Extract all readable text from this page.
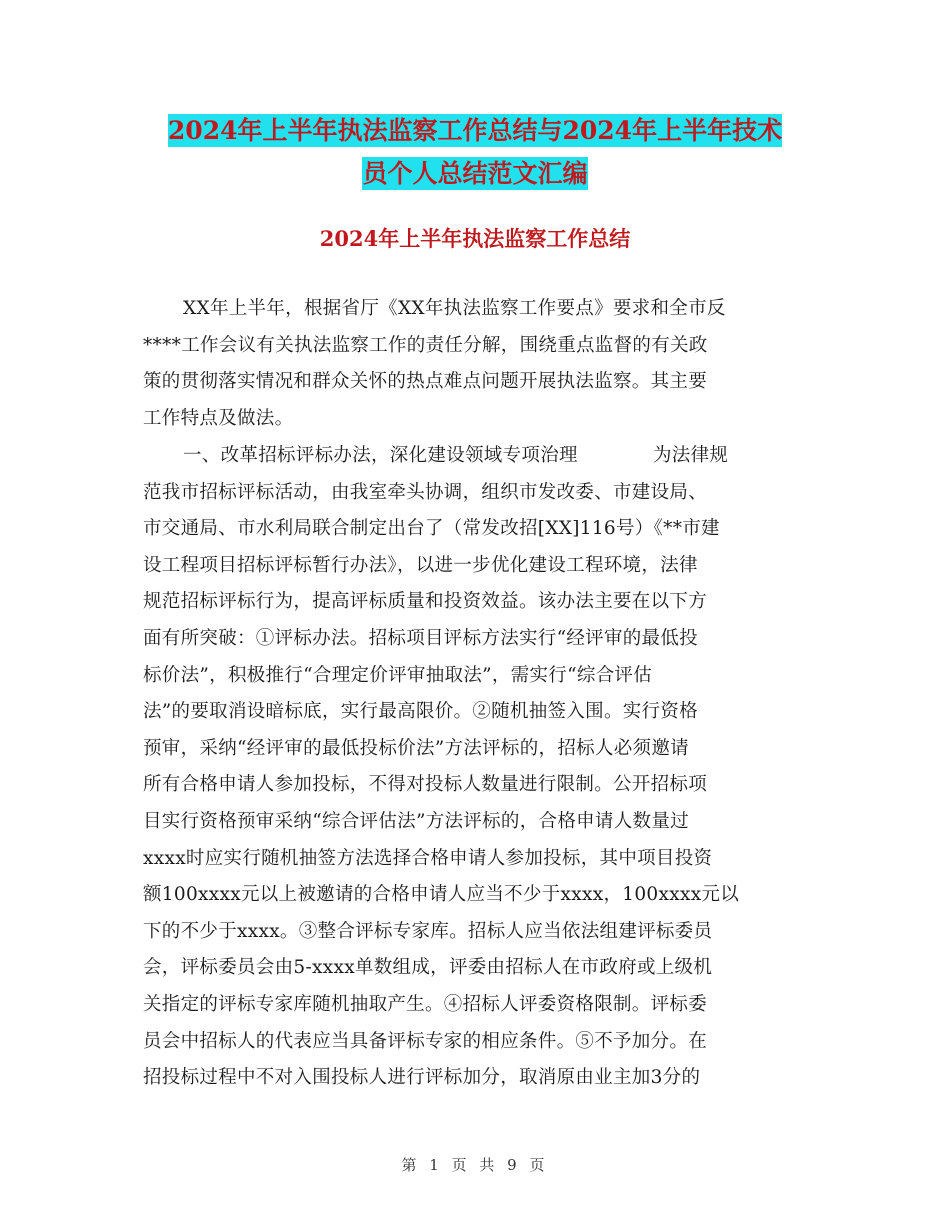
2024年上半年执法监察工作总结与2024年上半年技术
员个人总结范文汇编
2024年上半年执法监察工作总结
XX年上半年，根据省厅《XX年执法监察工作要点》要求和全市反
****工作会议有关执法监察工作的责任分解，围绕重点监督的有关政
策的贯彻落实情况和群众关怀的热点难点问题开展执法监察。其主要
工作特点及做法。
一、改革招标评标办法，深化建设领域专项治理　　　　为法律规
范我市招标评标活动，由我室牵头协调，组织市发改委、市建设局、
市交通局、市水利局联合制定出台了（常发改招[XX]116号）《**市建
设工程项目招标评标暂行办法》，以进一步优化建设工程环境，法律
规范招标评标行为，提高评标质量和投资效益。该办法主要在以下方
面有所突破：①评标办法。招标项目评标方法实行“经评审的最低投
标价法”，积极推行“合理定价评审抽取法”，需实行“综合评估
法”的要取消设暗标底，实行最高限价。②随机抽签入围。实行资格
预审，采纳“经评审的最低投标价法”方法评标的，招标人必须邀请
所有合格申请人参加投标，不得对投标人数量进行限制。公开招标项
目实行资格预审采纳“综合评估法”方法评标的，合格申请人数量过
xxxx时应实行随机抽签方法选择合格申请人参加投标，其中项目投资
额100xxxx元以上被邀请的合格申请人应当不少于xxxx，100xxxx元以
下的不少于xxxx。③整合评标专家库。招标人应当依法组建评标委员
会，评标委员会由5-xxxx单数组成，评委由招标人在市政府或上级机
关指定的评标专家库随机抽取产生。④招标人评委资格限制。评标委
员会中招标人的代表应当具备评标专家的相应条件。⑤不予加分。在
招投标过程中不对入围投标人进行评标加分，取消原由业主加3分的
第 1 页 共 9 页
